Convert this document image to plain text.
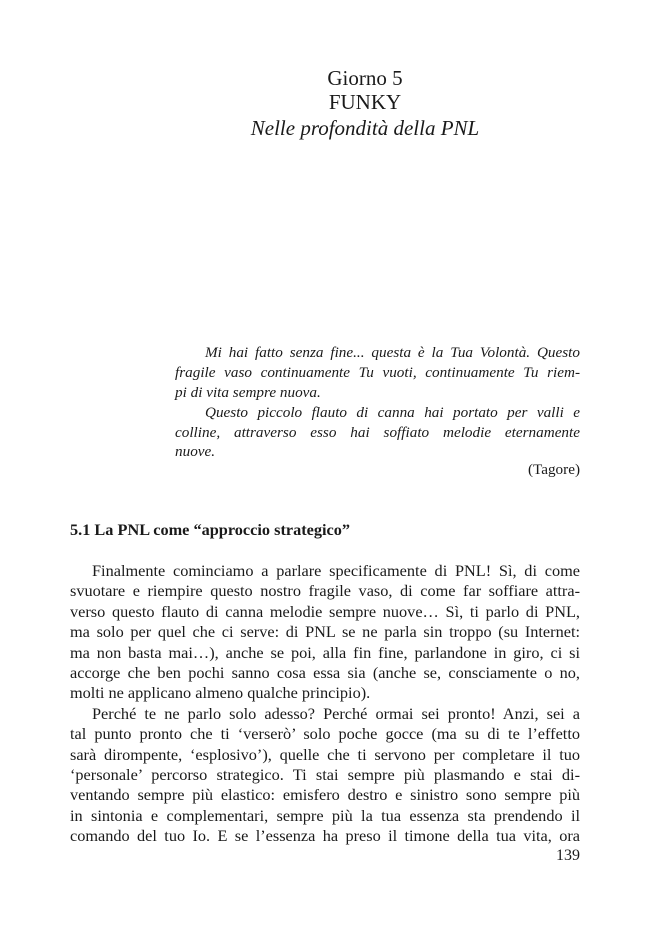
Giorno 5
FUNKY
Nelle profondità della PNL
Mi hai fatto senza fine... questa è la Tua Volontà. Questo
fragile vaso continuamente Tu vuoti, continuamente Tu riem-
pi di vita sempre nuova.
Questo piccolo flauto di canna hai portato per valli e
colline, attraverso esso hai soffiato melodie eternamente
nuove.
(Tagore)
5.1 La PNL come “approccio strategico”
Finalmente cominciamo a parlare specificamente di PNL! Sì, di come
svuotare e riempire questo nostro fragile vaso, di come far soffiare attra-
verso questo flauto di canna melodie sempre nuove… Sì, ti parlo di PNL,
ma solo per quel che ci serve: di PNL se ne parla sin troppo (su Internet:
ma non basta mai…), anche se poi, alla fin fine, parlandone in giro, ci si
accorge che ben pochi sanno cosa essa sia (anche se, consciamente o no,
molti ne applicano almeno qualche principio).
Perché te ne parlo solo adesso? Perché ormai sei pronto! Anzi, sei a
tal punto pronto che ti ‘verserò’ solo poche gocce (ma su di te l’effetto
sarà dirompente, ‘esplosivo’), quelle che ti servono per completare il tuo
‘personale’ percorso strategico. Ti stai sempre più plasmando e stai di-
ventando sempre più elastico: emisfero destro e sinistro sono sempre più
in sintonia e complementari, sempre più la tua essenza sta prendendo il
comando del tuo Io. E se l’essenza ha preso il timone della tua vita, ora
139
